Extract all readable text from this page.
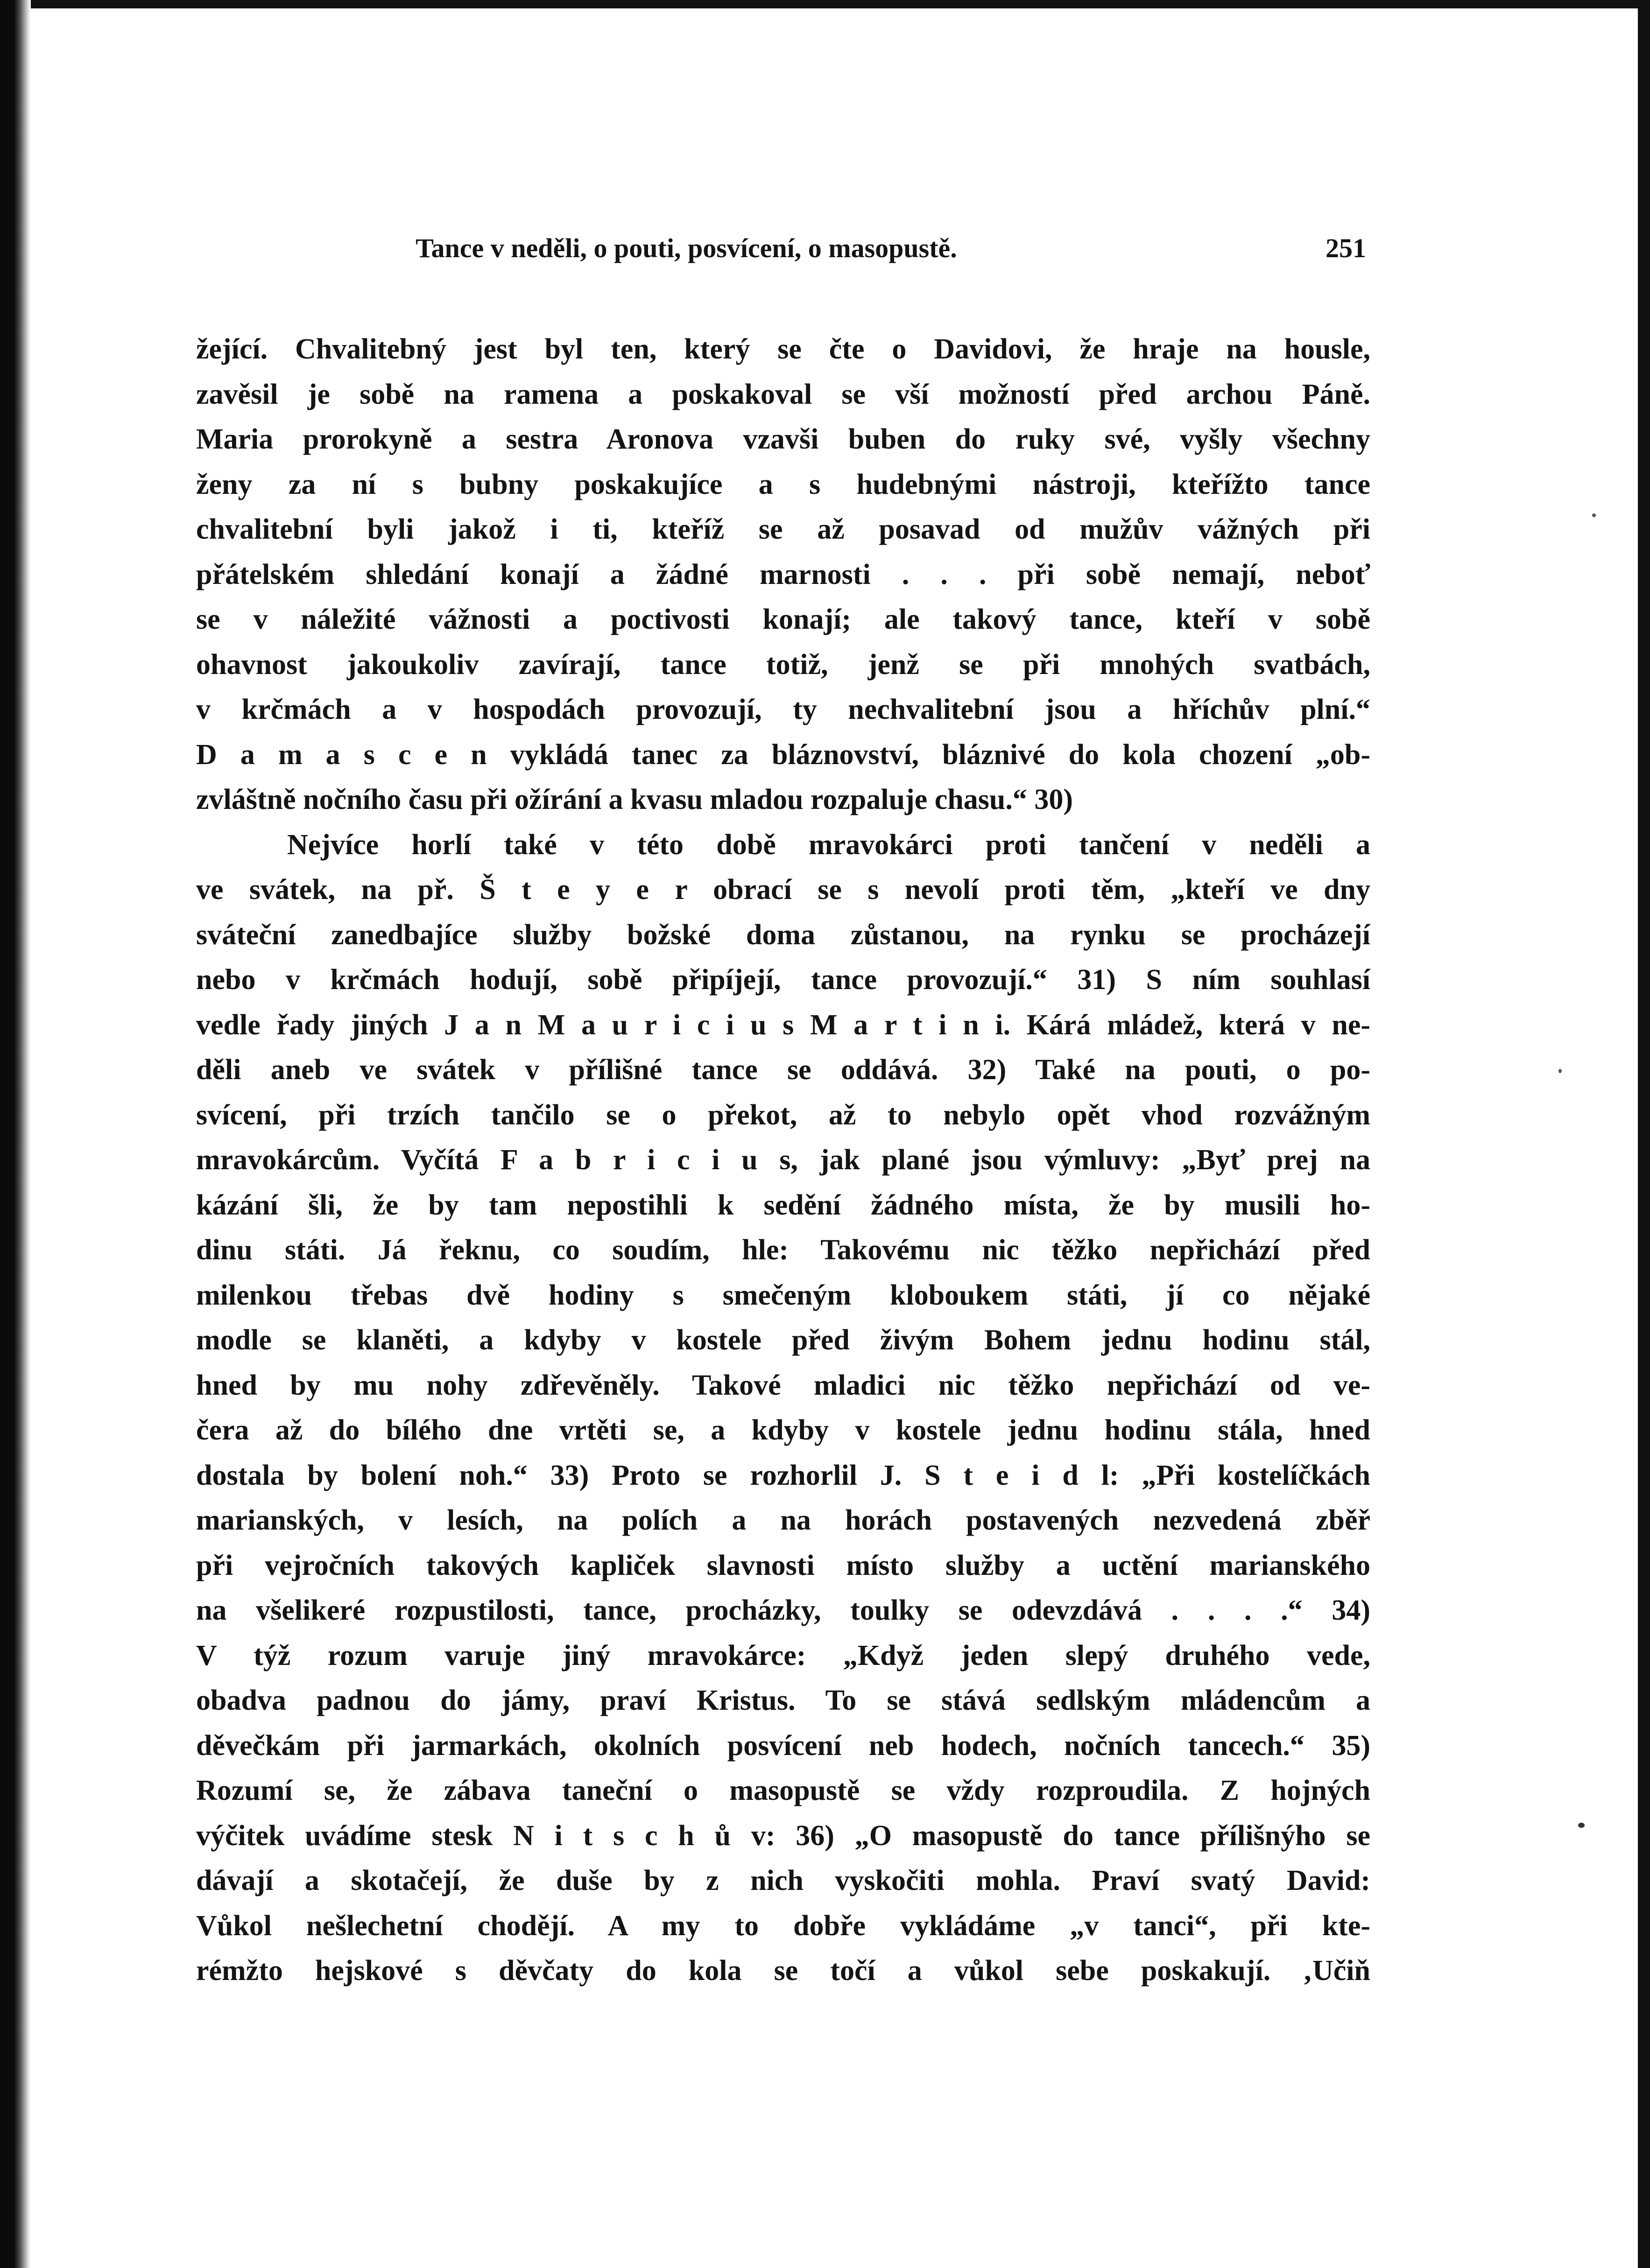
Tance v neděli, o pouti, posvícení, o masopustě.	251
žející. Chvalitebný jest byl ten, který se čte o Davidovi, že hraje na housle,
zavěsil je sobě na ramena a poskakoval se vší možností před archou Páně.
Maria prorokyně a sestra Aronova vzavši buben do ruky své, vyšly všechny
ženy za ní s bubny poskakujíce a s hudebnými nástroji, kteřížto tance
chvalitební byli jakož i ti, kteříž se až posavad od mužův vážných při
přátelském shledání konají a žádné marnosti . . . při sobě nemají, neboť
se v náležité vážnosti a poctivosti konají; ale takový tance, kteří v sobě
ohavnost jakoukoliv zavírají, tance totiž, jenž se při mnohých svatbách,
v krčmách a v hospodách provozují, ty nechvalitební jsou a hříchův plní.“
D a m a s c e n vykládá tanec za bláznovství, bláznivé do kola chození „ob-
zvláštně nočního času při ožírání a kvasu mladou rozpaluje chasu.“ 30)
Nejvíce horlí také v této době mravokárci proti tančení v neděli a
ve svátek, na př. Š t e y e r obrací se s nevolí proti těm, „kteří ve dny
sváteční zanedbajíce služby božské doma zůstanou, na rynku se procházejí
nebo v krčmách hodují, sobě připíjejí, tance provozují.“ 31) S ním souhlasí
vedle řady jiných J a n M a u r i c i u s M a r t i n i. Kárá mládež, která v ne-
děli aneb ve svátek v přílišné tance se oddává. 32) Také na pouti, o po-
svícení, při trzích tančilo se o překot, až to nebylo opět vhod rozvážným
mravokárcům. Vyčítá F a b r i c i u s, jak plané jsou výmluvy: „Byť prej na
kázání šli, že by tam nepostihli k sedění žádného místa, že by musili ho-
dinu státi. Já řeknu, co soudím, hle: Takovému nic těžko nepřichází před
milenkou třebas dvě hodiny s smečeným kloboukem státi, jí co nějaké
modle se klaněti, a kdyby v kostele před živým Bohem jednu hodinu stál,
hned by mu nohy zdřevěněly. Takové mladici nic těžko nepřichází od ve-
čera až do bílého dne vrtěti se, a kdyby v kostele jednu hodinu stála, hned
dostala by bolení noh.“ 33) Proto se rozhorlil J. S t e i d l: „Při kostelíčkách
marianských, v lesích, na polích a na horách postavených nezvedená zběř
při vejročních takových kapliček slavnosti místo služby a uctění marianského
na všelikeré rozpustilosti, tance, procházky, toulky se odevzdává . . . .“ 34)
V týž rozum varuje jiný mravokárce: „Když jeden slepý druhého vede,
obadva padnou do jámy, praví Kristus. To se stává sedlským mládencům a
děvečkám při jarmarkách, okolních posvícení neb hodech, nočních tancech.“ 35)
Rozumí se, že zábava taneční o masopustě se vždy rozproudila. Z hojných
výčitek uvádíme stesk N i t s c h ů v: 36) „O masopustě do tance přílišnýho se
dávají a skotačejí, že duše by z nich vyskočiti mohla. Praví svatý David:
Vůkol nešlechetní chodějí. A my to dobře vykládáme „v tanci“, při kte-
rémžto hejskové s děvčaty do kola se točí a vůkol sebe poskakují. ‚Učiň
